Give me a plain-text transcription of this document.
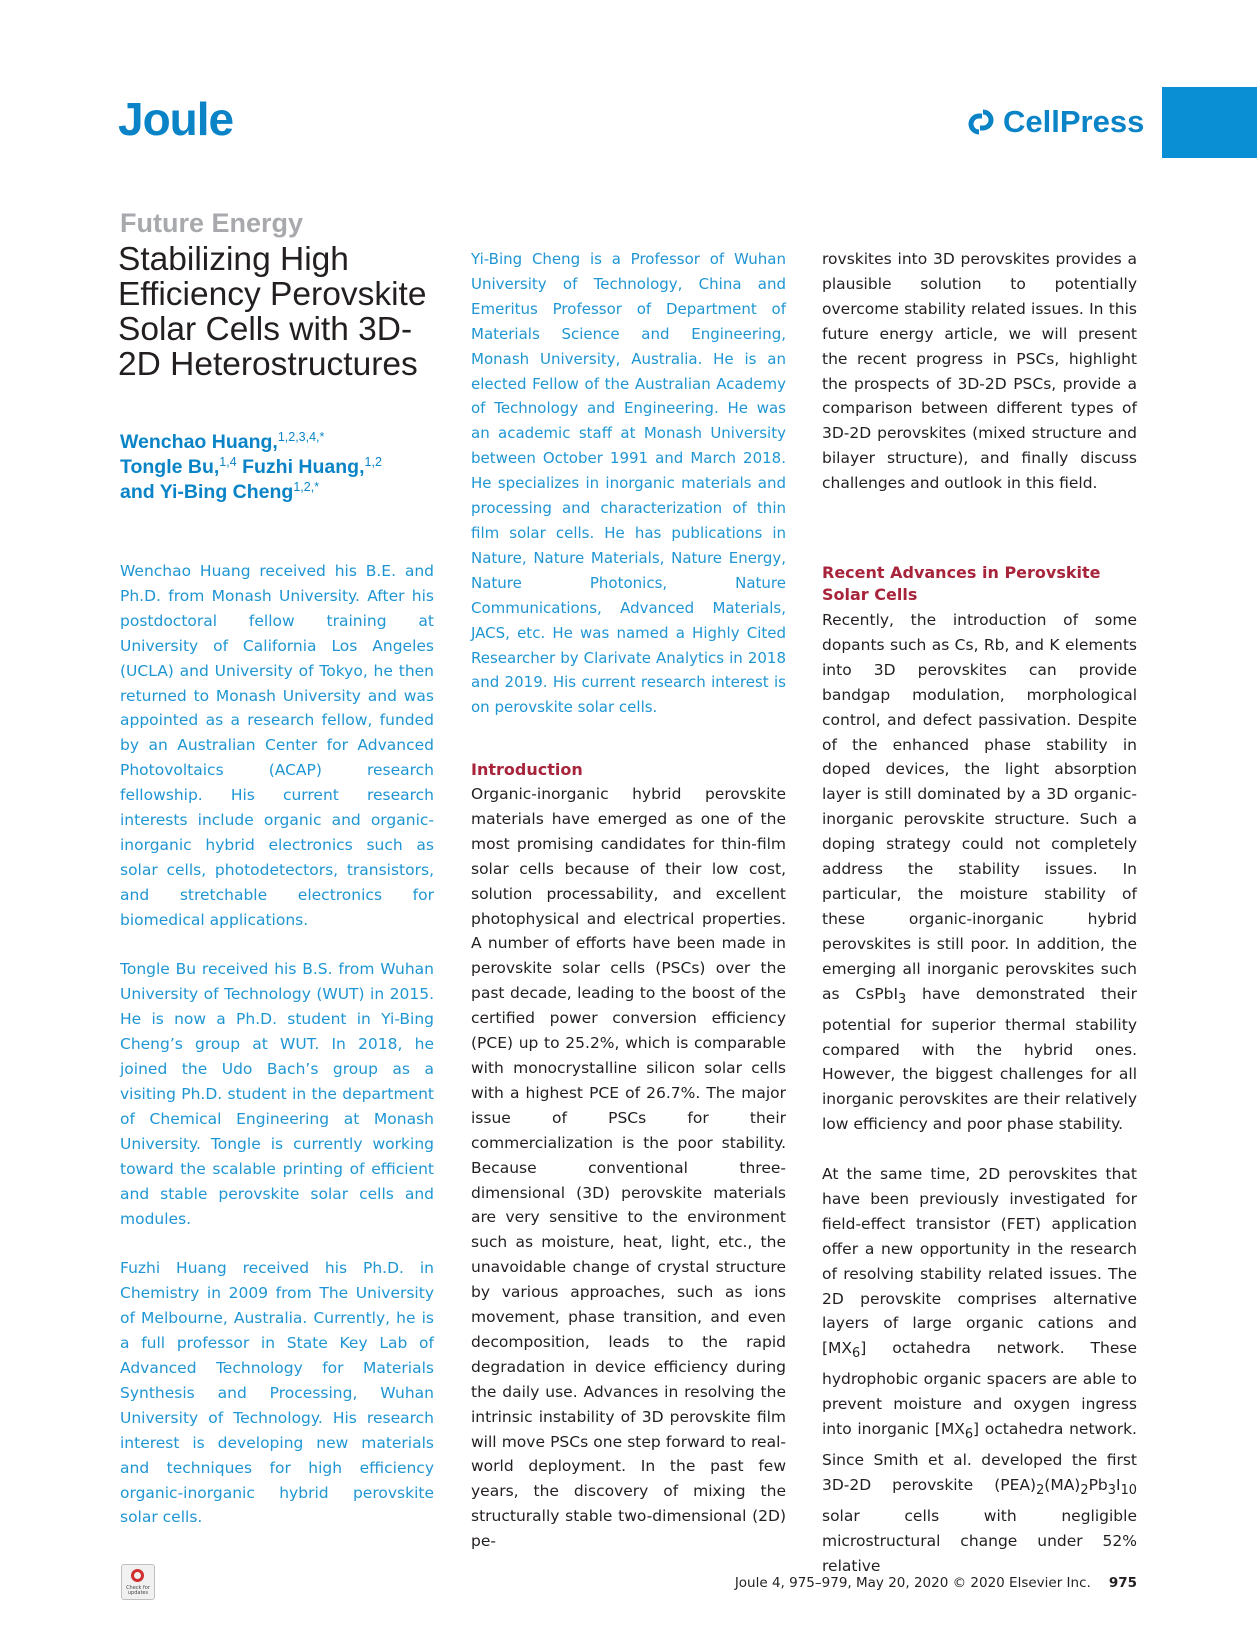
Joule	CellPress
Future Energy
Stabilizing High Efficiency Perovskite Solar Cells with 3D-2D Heterostructures
Wenchao Huang,$^{1,2,3,4,*}$
Tongle Bu,$^{1,4}$ Fuzhi Huang,$^{1,2}$
and Yi-Bing Cheng$^{1,2,*}$

Wenchao Huang received his B.E. and Ph.D. from Monash University. After his postdoctoral fellow training at University of California Los Angeles (UCLA) and University of Tokyo, he then returned to Monash University and was appointed as a research fellow, funded by an Australian Center for Advanced Photovoltaics (ACAP) research fellowship. His current research interests include organic and organic-inorganic hybrid electronics such as solar cells, photodetectors, transistors, and stretchable electronics for biomedical applications.

Tongle Bu received his B.S. from Wuhan University of Technology (WUT) in 2015. He is now a Ph.D. student in Yi-Bing Cheng’s group at WUT. In 2018, he joined the Udo Bach’s group as a visiting Ph.D. student in the department of Chemical Engineering at Monash University. Tongle is currently working toward the scalable printing of efficient and stable perovskite solar cells and modules.

Fuzhi Huang received his Ph.D. in Chemistry in 2009 from The University of Melbourne, Australia. Currently, he is a full professor in State Key Lab of Advanced Technology for Materials Synthesis and Processing, Wuhan University of Technology. His research interest is developing new materials and techniques for high efficiency organic-inorganic hybrid perovskite solar cells.

Yi-Bing Cheng is a Professor of Wuhan University of Technology, China and Emeritus Professor of Department of Materials Science and Engineering, Monash University, Australia. He is an elected Fellow of the Australian Academy of Technology and Engineering. He was an academic staff at Monash University between October 1991 and March 2018. He specializes in inorganic materials and processing and characterization of thin film solar cells. He has publications in Nature, Nature Materials, Nature Energy, Nature Photonics, Nature Communications, Advanced Materials, JACS, etc. He was named a Highly Cited Researcher by Clarivate Analytics in 2018 and 2019. His current research interest is on perovskite solar cells.

Introduction

Organic-inorganic hybrid perovskite materials have emerged as one of the most promising candidates for thin-film solar cells because of their low cost, solution processability, and excellent photophysical and electrical properties. A number of efforts have been made in perovskite solar cells (PSCs) over the past decade, leading to the boost of the certified power conversion efficiency (PCE) up to 25.2%, which is comparable with monocrystalline silicon solar cells with a highest PCE of 26.7%. The major issue of PSCs for their commercialization is the poor stability. Because conventional three-dimensional (3D) perovskite materials are very sensitive to the environment such as moisture, heat, light, etc., the unavoidable change of crystal structure by various approaches, such as ions movement, phase transition, and even decomposition, leads to the rapid degradation in device efficiency during the daily use. Advances in resolving the intrinsic instability of 3D perovskite film will move PSCs one step forward to real-world deployment. In the past few years, the discovery of mixing the structurally stable two-dimensional (2D) pe-

rovskites into 3D perovskites provides a plausible solution to potentially overcome stability related issues. In this future energy article, we will present the recent progress in PSCs, highlight the prospects of 3D-2D PSCs, provide a comparison between different types of 3D-2D perovskites (mixed structure and bilayer structure), and finally discuss challenges and outlook in this field.

Recent Advances in Perovskite Solar Cells

Recently, the introduction of some dopants such as Cs, Rb, and K elements into 3D perovskites can provide bandgap modulation, morphological control, and defect passivation. Despite of the enhanced phase stability in doped devices, the light absorption layer is still dominated by a 3D organic-inorganic perovskite structure. Such a doping strategy could not completely address the stability issues. In particular, the moisture stability of these organic-inorganic hybrid perovskites is still poor. In addition, the emerging all inorganic perovskites such as CsPbI$_3$ have demonstrated their potential for superior thermal stability compared with the hybrid ones. However, the biggest challenges for all inorganic perovskites are their relatively low efficiency and poor phase stability.

At the same time, 2D perovskites that have been previously investigated for field-effect transistor (FET) application offer a new opportunity in the research of resolving stability related issues. The 2D perovskite comprises alternative layers of large organic cations and $[MX_6]$ octahedra network. These hydrophobic organic spacers are able to prevent moisture and oxygen ingress into inorganic $[MX_6]$ octahedra network. Since Smith et al. developed the first 3D-2D perovskite $(PEA)_2(MA)_2Pb_3I_{10}$ solar cells with negligible microstructural change under 52% relative

Check for updates
Joule 4, 975–979, May 20, 2020 © 2020 Elsevier Inc. 975
